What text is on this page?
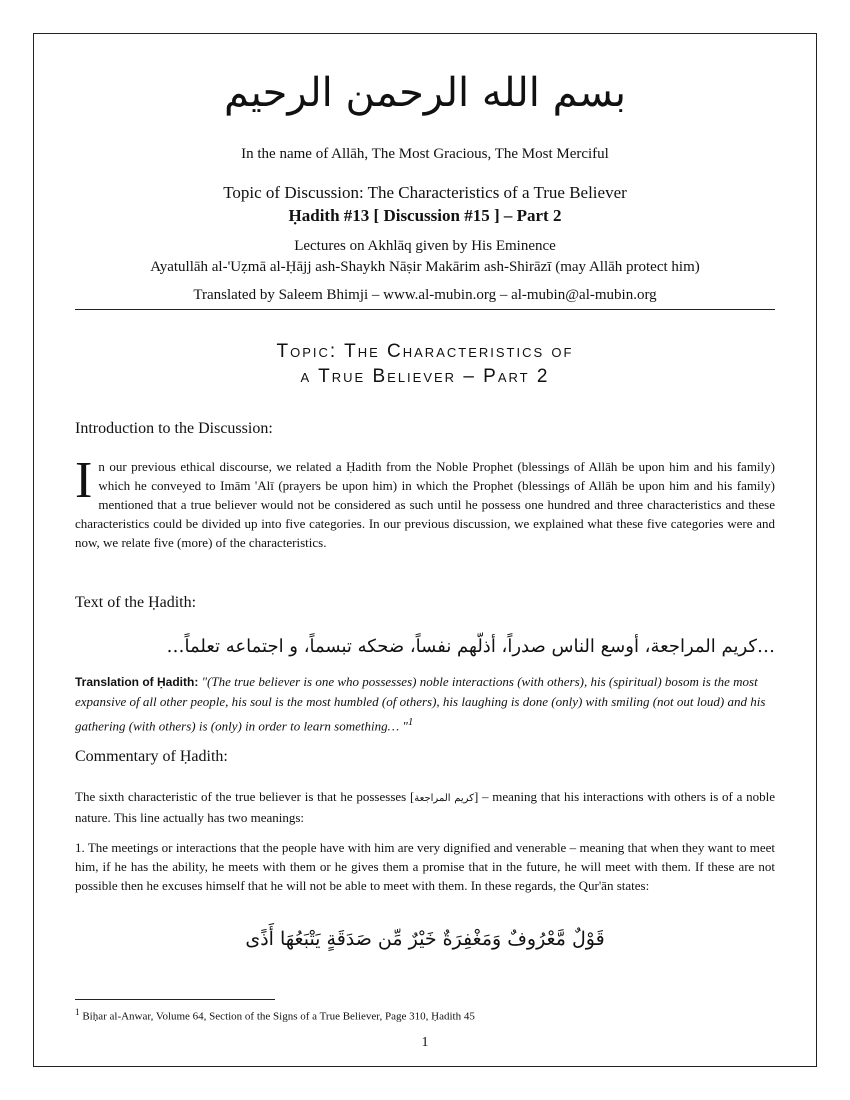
بسم الله الرحمن الرحيم
In the name of Allāh, The Most Gracious, The Most Merciful
Topic of Discussion: The Characteristics of a True Believer
Ḥadith #13 [ Discussion #15 ] – Part 2
Lectures on Akhlāq given by His Eminence
Ayatullāh al-'Uẓmā al-Ḥājj ash-Shaykh Nāṣir Makārim ash-Shirāzī (may Allāh protect him)
Translated by Saleem Bhimji – www.al-mubin.org – al-mubin@al-mubin.org
Topic: The Characteristics of
a True Believer – Part 2
Introduction to the Discussion:
In our previous ethical discourse, we related a Ḥadith from the Noble Prophet (blessings of Allāh be upon him and his family) which he conveyed to Imām 'Alī (prayers be upon him) in which the Prophet (blessings of Allāh be upon him and his family) mentioned that a true believer would not be considered as such until he possess one hundred and three characteristics and these characteristics could be divided up into five categories. In our previous discussion, we explained what these five categories were and now, we relate five (more) of the characteristics.
Text of the Ḥadith:
…كريم المراجعة، أوسع الناس صدراً، أذلّهم نفساً، ضحكه تبسماً، و اجتماعه تعلماً…
Translation of Ḥadith: "(The true believer is one who possesses) noble interactions (with others), his (spiritual) bosom is the most expansive of all other people, his soul is the most humbled (of others), his laughing is done (only) with smiling (not out loud) and his gathering (with others) is (only) in order to learn something… "$^1$
Commentary of Ḥadith:
The sixth characteristic of the true believer is that he possesses [كريم المراجعة] – meaning that his interactions with others is of a noble nature. This line actually has two meanings:
1. The meetings or interactions that the people have with him are very dignified and venerable – meaning that when they want to meet him, if he has the ability, he meets with them or he gives them a promise that in the future, he will meet with them. If these are not possible then he excuses himself that he will not be able to meet with them. In these regards, the Qur'ān states:
قَوْلٌ مَّعْرُوفٌ وَمَغْفِرَةٌ خَيْرٌ مِّن صَدَقَةٍ يَتْبَعُهَا أَذًى
$^1$ Biḥar al-Anwar, Volume 64, Section of the Signs of a True Believer, Page 310, Ḥadith 45
1
